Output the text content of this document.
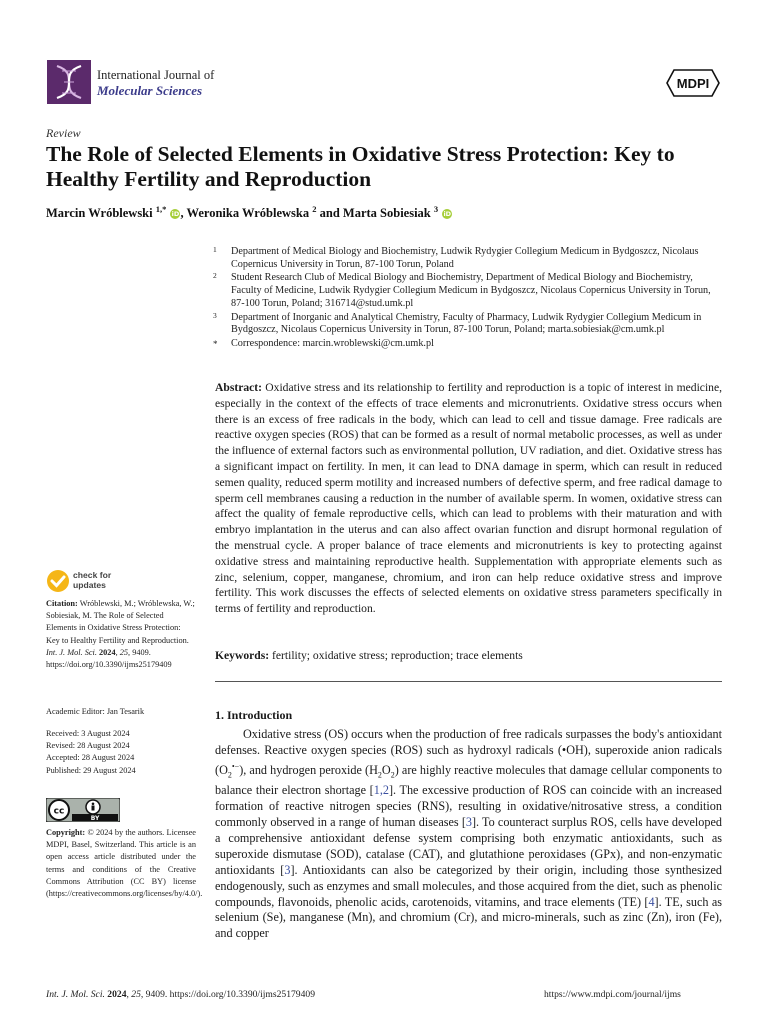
International Journal of
Molecular Sciences	MDPI
Review
The Role of Selected Elements in Oxidative Stress Protection: Key to Healthy Fertility and Reproduction
Marcin Wróblewski $^{1,*}$ iD, Weronika Wróblewska $^2$ and Marta Sobiesiak $^3$ iD
1 Department of Medical Biology and Biochemistry, Ludwik Rydygier Collegium Medicum in Bydgoszcz, Nicolaus Copernicus University in Torun, 87-100 Torun, Poland
2 Student Research Club of Medical Biology and Biochemistry, Department of Medical Biology and Biochemistry, Faculty of Medicine, Ludwik Rydygier Collegium Medicum in Bydgoszcz, Nicolaus Copernicus University in Torun, 87-100 Torun, Poland; 316714@stud.umk.pl
3 Department of Inorganic and Analytical Chemistry, Faculty of Pharmacy, Ludwik Rydygier Collegium Medicum in Bydgoszcz, Nicolaus Copernicus University in Torun, 87-100 Torun, Poland; marta.sobiesiak@cm.umk.pl
* Correspondence: marcin.wroblewski@cm.umk.pl
Abstract: Oxidative stress and its relationship to fertility and reproduction is a topic of interest in medicine, especially in the context of the effects of trace elements and micronutrients. Oxidative stress occurs when there is an excess of free radicals in the body, which can lead to cell and tissue damage. Free radicals are reactive oxygen species (ROS) that can be formed as a result of normal metabolic processes, as well as under the influence of external factors such as environmental pollution, UV radiation, and diet. Oxidative stress has a significant impact on fertility. In men, it can lead to DNA damage in sperm, which can result in reduced semen quality, reduced sperm motility and increased numbers of defective sperm, and free radical damage to sperm cell membranes causing a reduction in the number of available sperm. In women, oxidative stress can affect the quality of female reproductive cells, which can lead to problems with their maturation and with embryo implantation in the uterus and can also affect ovarian function and disrupt hormonal regulation of the menstrual cycle. A proper balance of trace elements and micronutrients is key to protecting against oxidative stress and maintaining reproductive health. Supplementation with appropriate elements such as zinc, selenium, copper, manganese, chromium, and iron can help reduce oxidative stress and improve fertility. This work discusses the effects of selected elements on oxidative stress parameters specifically in terms of fertility and reproduction.
Keywords: fertility; oxidative stress; reproduction; trace elements
check for
updates
Citation: Wróblewski, M.; Wróblewska, W.; Sobiesiak, M. The Role of Selected Elements in Oxidative Stress Protection: Key to Healthy Fertility and Reproduction. Int. J. Mol. Sci. 2024, 25, 9409. https://doi.org/10.3390/ijms25179409
Academic Editor: Jan Tesarik
Received: 3 August 2024
Revised: 28 August 2024
Accepted: 28 August 2024
Published: 29 August 2024
cc
BY
Copyright: © 2024 by the authors. Licensee MDPI, Basel, Switzerland. This article is an open access article distributed under the terms and conditions of the Creative Commons Attribution (CC BY) license (https://creativecommons.org/licenses/by/4.0/).
1. Introduction
Oxidative stress (OS) occurs when the production of free radicals surpasses the body's antioxidant defenses. Reactive oxygen species (ROS) such as hydroxyl radicals (•OH), superoxide anion radicals $(O_2^{•-})$, and hydrogen peroxide $(H_2O_2)$ are highly reactive molecules that damage cellular components to balance their electron shortage [1,2]. The excessive production of ROS can coincide with an increased formation of reactive nitrogen species (RNS), resulting in oxidative/nitrosative stress, a condition commonly observed in a range of human diseases [3]. To counteract surplus ROS, cells have developed a comprehensive antioxidant defense system comprising both enzymatic antioxidants, such as superoxide dismutase (SOD), catalase (CAT), and glutathione peroxidases (GPx), and non-enzymatic antioxidants [3]. Antioxidants can also be categorized by their origin, including those synthesized endogenously, such as enzymes and small molecules, and those acquired from the diet, such as phenolic compounds, flavonoids, phenolic acids, carotenoids, vitamins, and trace elements (TE) [4]. TE, such as selenium (Se), manganese (Mn), and chromium (Cr), and micro-minerals, such as zinc (Zn), iron (Fe), and copper
Int. J. Mol. Sci. 2024, 25, 9409. https://doi.org/10.3390/ijms25179409	https://www.mdpi.com/journal/ijms
